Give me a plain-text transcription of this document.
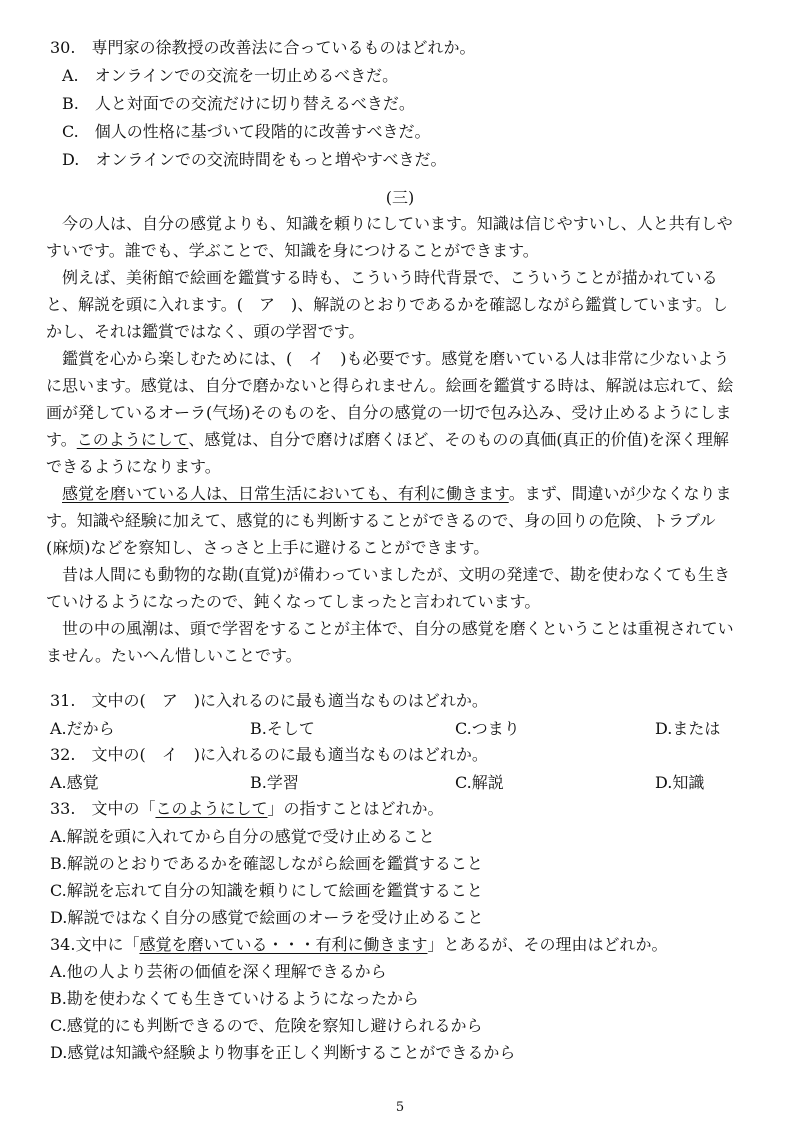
30.　専門家の徐教授の改善法に合っているものはどれか。
A.　オンラインでの交流を一切止めるべきだ。
B.　人と対面での交流だけに切り替えるべきだ。
C.　個人の性格に基づいて段階的に改善すべきだ。
D.　オンラインでの交流時間をもっと増やすべきだ。
(三)
今の人は、自分の感覚よりも、知識を頼りにしています。知識は信じやすいし、人と共有しや
すいです。誰でも、学ぶことで、知識を身につけることができます。
例えば、美術館で絵画を鑑賞する時も、こういう時代背景で、こういうことが描かれている
と、解説を頭に入れます。(　ア　)、解説のとおりであるかを確認しながら鑑賞しています。し
かし、それは鑑賞ではなく、頭の学習です。
鑑賞を心から楽しむためには、(　イ　)も必要です。感覚を磨いている人は非常に少ないよう
に思います。感覚は、自分で磨かないと得られません。絵画を鑑賞する時は、解説は忘れて、絵
画が発しているオーラ(气场)そのものを、自分の感覚の一切で包み込み、受け止めるようにしま
す。このようにして、感覚は、自分で磨けば磨くほど、そのものの真価(真正的价值)を深く理解
できるようになります。
感覚を磨いている人は、日常生活においても、有利に働きます。まず、間違いが少なくなりま
す。知識や経験に加えて、感覚的にも判断することができるので、身の回りの危険、トラブル
(麻烦)などを察知し、さっさと上手に避けることができます。
昔は人間にも動物的な勘(直覚)が備わっていましたが、文明の発達で、勘を使わなくても生き
ていけるようになったので、鈍くなってしまったと言われています。
世の中の風潮は、頭で学習をすることが主体で、自分の感覚を磨くということは重視されてい
ません。たいへん惜しいことです。
31.　文中の(　ア　)に入れるのに最も適当なものはどれか。
A.だから	B.そして	C.つまり	D.または
32.　文中の(　イ　)に入れるのに最も適当なものはどれか。
A.感覚	B.学習	C.解説	D.知識
33.　文中の「このようにして」の指すことはどれか。
A.解説を頭に入れてから自分の感覚で受け止めること
B.解説のとおりであるかを確認しながら絵画を鑑賞すること
C.解説を忘れて自分の知識を頼りにして絵画を鑑賞すること
D.解説ではなく自分の感覚で絵画のオーラを受け止めること
34.文中に「感覚を磨いている・・・有利に働きます」とあるが、その理由はどれか。
A.他の人より芸術の価値を深く理解できるから
B.勘を使わなくても生きていけるようになったから
C.感覚的にも判断できるので、危険を察知し避けられるから
D.感覚は知識や経験より物事を正しく判断することができるから
5
